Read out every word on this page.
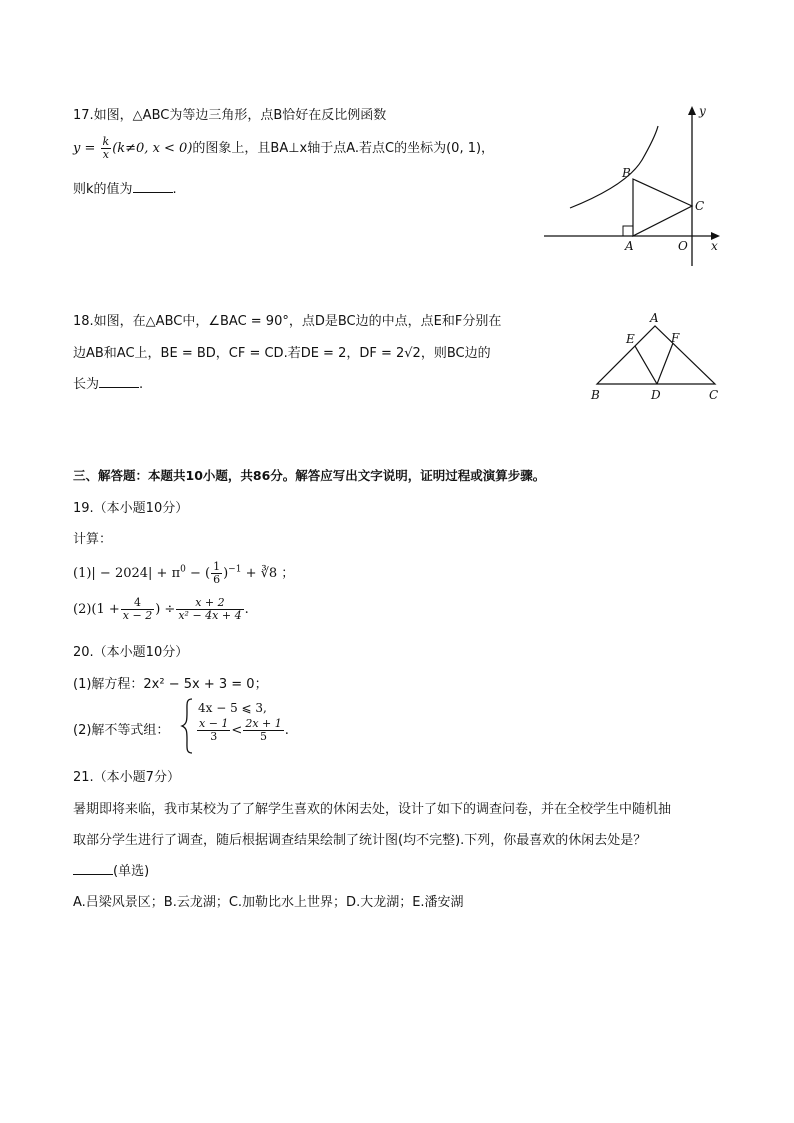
17.如图，△ABC为等边三角形，点B恰好在反比例函数
$y = \frac{k}{x} (k\ne 0$, x < 0)的图象上，且BA⊥x轴于点A.若点C的坐标为(0, 1)，
则k的值为	.
y
x
B
C
A	O
18.如图，在△ABC中，∠BAC = 90°，点D是BC边的中点，点E和F分别在
边AB和AC上，BE = BD，CF = CD.若DE = 2，DF = 2√2，则BC边的
长为	.
A
E	F
B	D	C
三、解答题：本题共10小题，共86分。解答应写出文字说明，证明过程或演算步骤。
19.（本小题10分）
计算：
$(1)| - 2024| + \pi^0$ − ( $\frac{1}{6} )^{-1}$ + ∛8 ；
$(2)(1 + \frac{4}{x - 2}$ ) ÷ $\frac{x + 2}{\text{x² − 4x + 4}}$ .
20.（本小题10分）
(1)解方程：2x² − 5x + 3 = 0；
(2)解不等式组：
4x − 5 ⩽ 3,
$\frac{x - 1}{3} < \frac{2x + 1}{5}$ .
21.（本小题7分）
暑期即将来临，我市某校为了了解学生喜欢的休闲去处，设计了如下的调查问卷，并在全校学生中随机抽
取部分学生进行了调查，随后根据调查结果绘制了统计图(均不完整).下列，你最喜欢的休闲去处是？
(单选)
A.吕梁风景区；B.云龙湖；C.加勒比水上世界；D.大龙湖；E.潘安湖
